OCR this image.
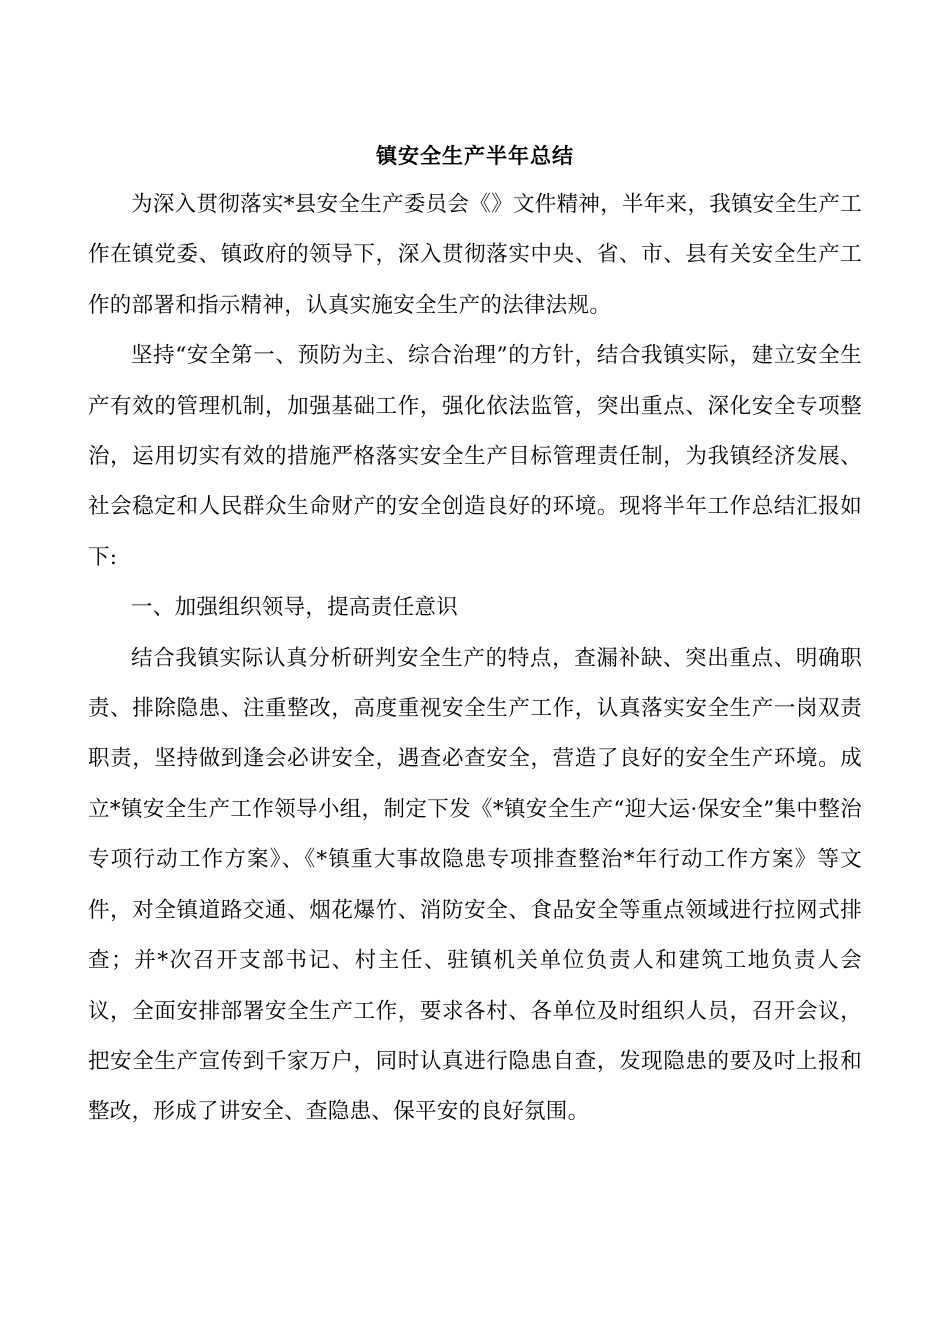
镇安全生产半年总结

为深入贯彻落实*县安全生产委员会《》文件精神，半年来，我镇安全生产工作在镇党委、镇政府的领导下，深入贯彻落实中央、省、市、县有关安全生产工作的部署和指示精神，认真实施安全生产的法律法规。

坚持“安全第一、预防为主、综合治理”的方针，结合我镇实际，建立安全生产有效的管理机制，加强基础工作，强化依法监管，突出重点、深化安全专项整治，运用切实有效的措施严格落实安全生产目标管理责任制，为我镇经济发展、社会稳定和人民群众生命财产的安全创造良好的环境。现将半年工作总结汇报如下:

一、加强组织领导，提高责任意识

结合我镇实际认真分析研判安全生产的特点，查漏补缺、突出重点、明确职责、排除隐患、注重整改，高度重视安全生产工作，认真落实安全生产一岗双责职责，坚持做到逢会必讲安全，遇查必查安全，营造了良好的安全生产环境。成立*镇安全生产工作领导小组，制定下发《*镇安全生产“迎大运·保安全”集中整治专项行动工作方案》、《*镇重大事故隐患专项排查整治*年行动工作方案》等文件，对全镇道路交通、烟花爆竹、消防安全、食品安全等重点领域进行拉网式排查；并*次召开支部书记、村主任、驻镇机关单位负责人和建筑工地负责人会议，全面安排部署安全生产工作，要求各村、各单位及时组织人员，召开会议，把安全生产宣传到千家万户，同时认真进行隐患自查，发现隐患的要及吋上报和整改，形成了讲安全、查隐患、保平安的良好氛围。
